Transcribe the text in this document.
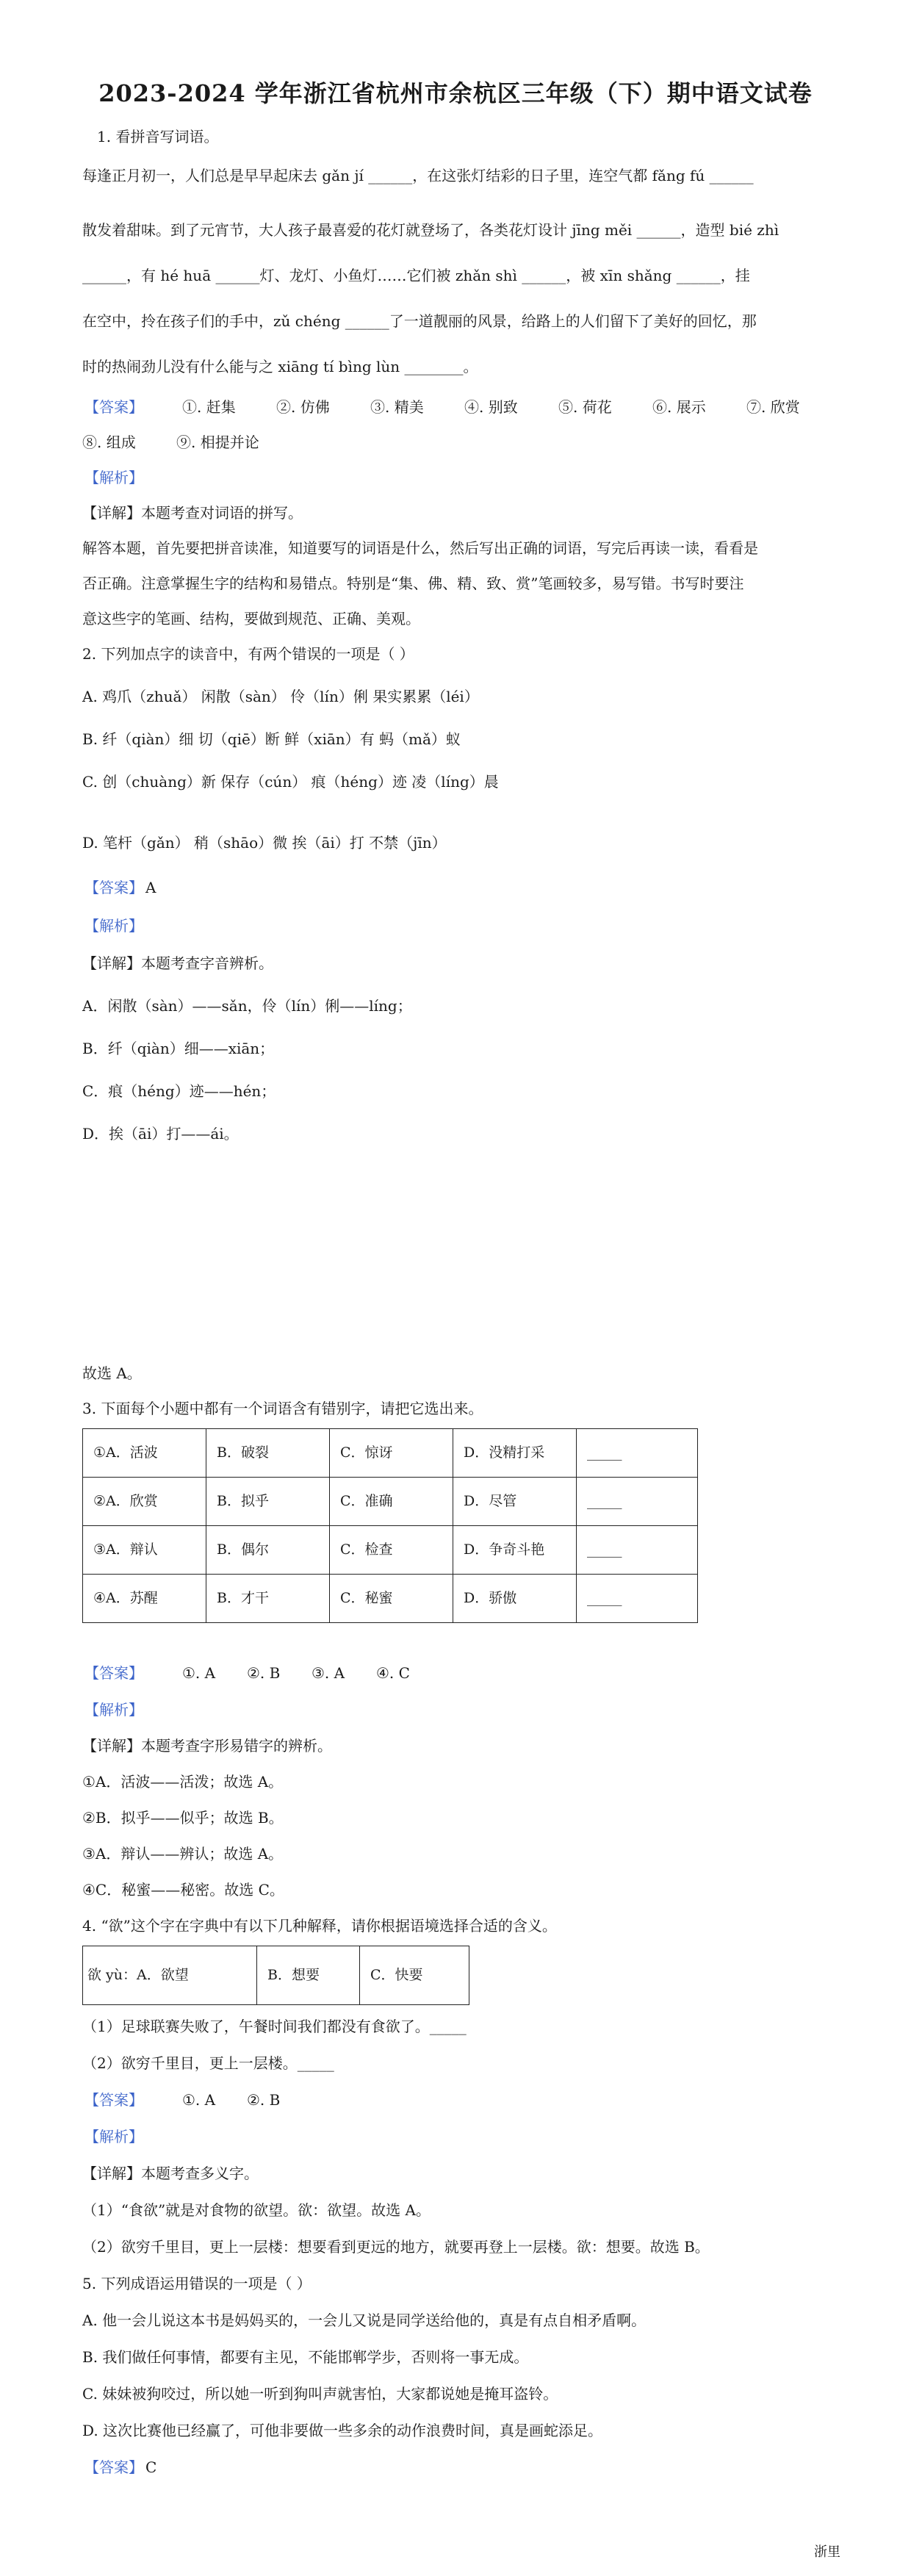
2023-2024 学年浙江省杭州市余杭区三年级（下）期中语文试卷
1. 看拼音写词语。
每逢正月初一，人们总是早早起床去 gǎn jí ______，在这张灯结彩的日子里，连空气都 fǎng fú ______
散发着甜味。到了元宵节，大人孩子最喜爱的花灯就登场了，各类花灯设计 jīng měi ______，造型 bié zhì
______，有 hé huā ______灯、龙灯、小鱼灯……它们被 zhǎn shì ______，被 xīn shǎng ______，挂
在空中，拎在孩子们的手中，zǔ chéng ______了一道靓丽的风景，给路上的人们留下了美好的回忆，那
时的热闹劲儿没有什么能与之 xiāng tí bìng lùn ________。
【答案】	①. 赶集	②. 仿佛	③. 精美	④. 别致	⑤. 荷花	⑥. 展示	⑦. 欣赏
⑧. 组成	⑨. 相提并论
【解析】
【详解】本题考查对词语的拼写。
解答本题，首先要把拼音读准，知道要写的词语是什么，然后写出正确的词语，写完后再读一读，看看是
否正确。注意掌握生字的结构和易错点。特别是“集、佛、精、致、赏”笔画较多，易写错。书写时要注
意这些字的笔画、结构，要做到规范、正确、美观。
2. 下列加点字的读音中，有两个错误的一项是（ ）
A. 鸡爪（zhuǎ） 闲散（sàn） 伶（lín）俐 果实累累（léi）
B. 纤（qiàn）细 切（qiē）断 鲜（xiān）有 蚂（mǎ）蚁
C. 创（chuàng）新 保存（cún） 痕（héng）迹 凌（líng）晨
D. 笔杆（gǎn） 稍（shāo）微 挨（āi）打 不禁（jīn）
【答案】 A
【解析】
【详解】本题考查字音辨析。
A．闲散（sàn）——sǎn，伶（lín）俐——líng；
B．纤（qiàn）细——xiān；
C．痕（héng）迹——hén；
D．挨（āi）打——ái。
故选 A。
3. 下面每个小题中都有一个词语含有错别字，请把它选出来。
①A．活波	B．破裂	C．惊讶	D．没精打采	_____
②A．欣赏	B．拟乎	C．准确	D．尽管	_____
③A．辩认	B．偶尔	C．检查	D．争奇斗艳	_____
④A．苏醒	B．才干	C．秘蜜	D．骄傲	_____
【答案】	①. A ②. B ③. A ④. C
【解析】
【详解】本题考查字形易错字的辨析。
①A．活波——活泼；故选 A。
②B．拟乎——似乎；故选 B。
③A．辩认——辨认；故选 A。
④C．秘蜜——秘密。故选 C。
4. “欲”这个字在字典中有以下几种解释，请你根据语境选择合适的含义。
欲 yù：A．欲望	B．想要	C．快要
（1）足球联赛失败了，午餐时间我们都没有食欲了。_____
（2）欲穷千里目，更上一层楼。_____
【答案】	①. A ②. B
【解析】
【详解】本题考查多义字。
（1）“食欲”就是对食物的欲望。欲：欲望。故选 A。
（2）欲穷千里目，更上一层楼：想要看到更远的地方，就要再登上一层楼。欲：想要。故选 B。
5. 下列成语运用错误的一项是（ ）
A. 他一会儿说这本书是妈妈买的，一会儿又说是同学送给他的，真是有点自相矛盾啊。
B. 我们做任何事情，都要有主见，不能邯郸学步，否则将一事无成。
C. 妹妹被狗咬过，所以她一听到狗叫声就害怕，大家都说她是掩耳盗铃。
D. 这次比赛他已经赢了，可他非要做一些多余的动作浪费时间，真是画蛇添足。
【答案】 C
浙里
